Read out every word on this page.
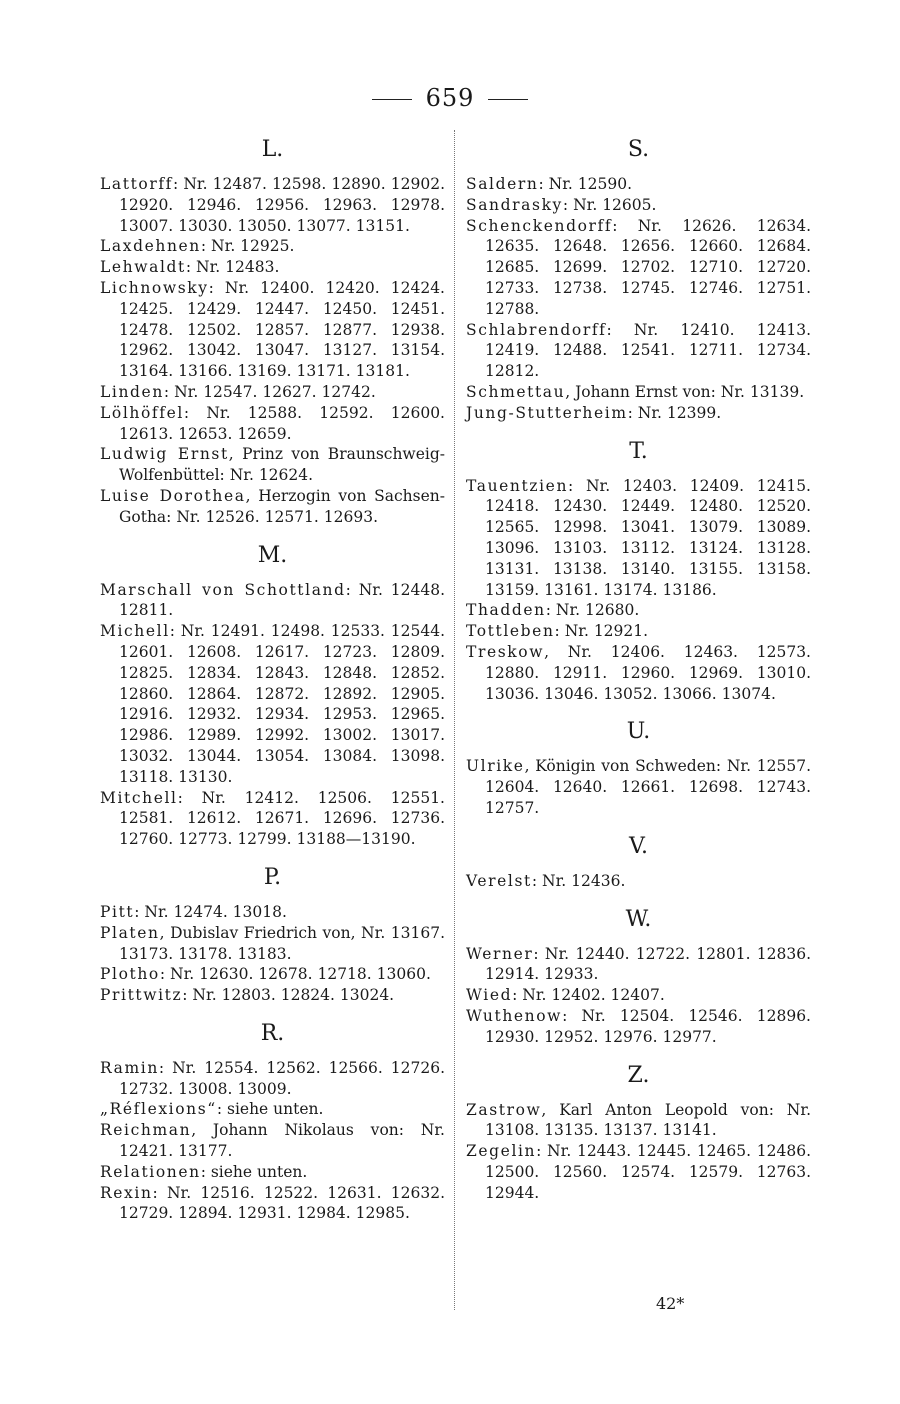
659
L.
Lattorff: Nr. 12487. 12598. 12890. 12902. 12920. 12946. 12956. 12963. 12978. 13007. 13030. 13050. 13077. 13151.
Laxdehnen: Nr. 12925.
Lehwaldt: Nr. 12483.
Lichnowsky: Nr. 12400. 12420. 12424. 12425. 12429. 12447. 12450. 12451. 12478. 12502. 12857. 12877. 12938. 12962. 13042. 13047. 13127. 13154. 13164. 13166. 13169. 13171. 13181.
Linden: Nr. 12547. 12627. 12742.
Lölhöffel: Nr. 12588. 12592. 12600. 12613. 12653. 12659.
Ludwig Ernst, Prinz von Braunschweig-Wolfenbüttel: Nr. 12624.
Luise Dorothea, Herzogin von Sachsen-Gotha: Nr. 12526. 12571. 12693.
M.
Marschall von Schottland: Nr. 12448. 12811.
Michell: Nr. 12491. 12498. 12533. 12544. 12601. 12608. 12617. 12723. 12809. 12825. 12834. 12843. 12848. 12852. 12860. 12864. 12872. 12892. 12905. 12916. 12932. 12934. 12953. 12965. 12986. 12989. 12992. 13002. 13017. 13032. 13044. 13054. 13084. 13098. 13118. 13130.
Mitchell: Nr. 12412. 12506. 12551. 12581. 12612. 12671. 12696. 12736. 12760. 12773. 12799. 13188—13190.
P.
Pitt: Nr. 12474. 13018.
Platen, Dubislav Friedrich von, Nr. 13167. 13173. 13178. 13183.
Plotho: Nr. 12630. 12678. 12718. 13060.
Prittwitz: Nr. 12803. 12824. 13024.
R.
Ramin: Nr. 12554. 12562. 12566. 12726. 12732. 13008. 13009.
„Réflexions“: siehe unten.
Reichman, Johann Nikolaus von: Nr. 12421. 13177.
Relationen: siehe unten.
Rexin: Nr. 12516. 12522. 12631. 12632. 12729. 12894. 12931. 12984. 12985.
S.
Saldern: Nr. 12590.
Sandrasky: Nr. 12605.
Schenckendorff: Nr. 12626. 12634. 12635. 12648. 12656. 12660. 12684. 12685. 12699. 12702. 12710. 12720. 12733. 12738. 12745. 12746. 12751. 12788.
Schlabrendorff: Nr. 12410. 12413. 12419. 12488. 12541. 12711. 12734. 12812.
Schmettau, Johann Ernst von: Nr. 13139.
Jung-Stutterheim: Nr. 12399.
T.
Tauentzien: Nr. 12403. 12409. 12415. 12418. 12430. 12449. 12480. 12520. 12565. 12998. 13041. 13079. 13089. 13096. 13103. 13112. 13124. 13128. 13131. 13138. 13140. 13155. 13158. 13159. 13161. 13174. 13186.
Thadden: Nr. 12680.
Tottleben: Nr. 12921.
Treskow, Nr. 12406. 12463. 12573. 12880. 12911. 12960. 12969. 13010. 13036. 13046. 13052. 13066. 13074.
U.
Ulrike, Königin von Schweden: Nr. 12557. 12604. 12640. 12661. 12698. 12743. 12757.
V.
Verelst: Nr. 12436.
W.
Werner: Nr. 12440. 12722. 12801. 12836. 12914. 12933.
Wied: Nr. 12402. 12407.
Wuthenow: Nr. 12504. 12546. 12896. 12930. 12952. 12976. 12977.
Z.
Zastrow, Karl Anton Leopold von: Nr. 13108. 13135. 13137. 13141.
Zegelin: Nr. 12443. 12445. 12465. 12486. 12500. 12560. 12574. 12579. 12763. 12944.
42*
